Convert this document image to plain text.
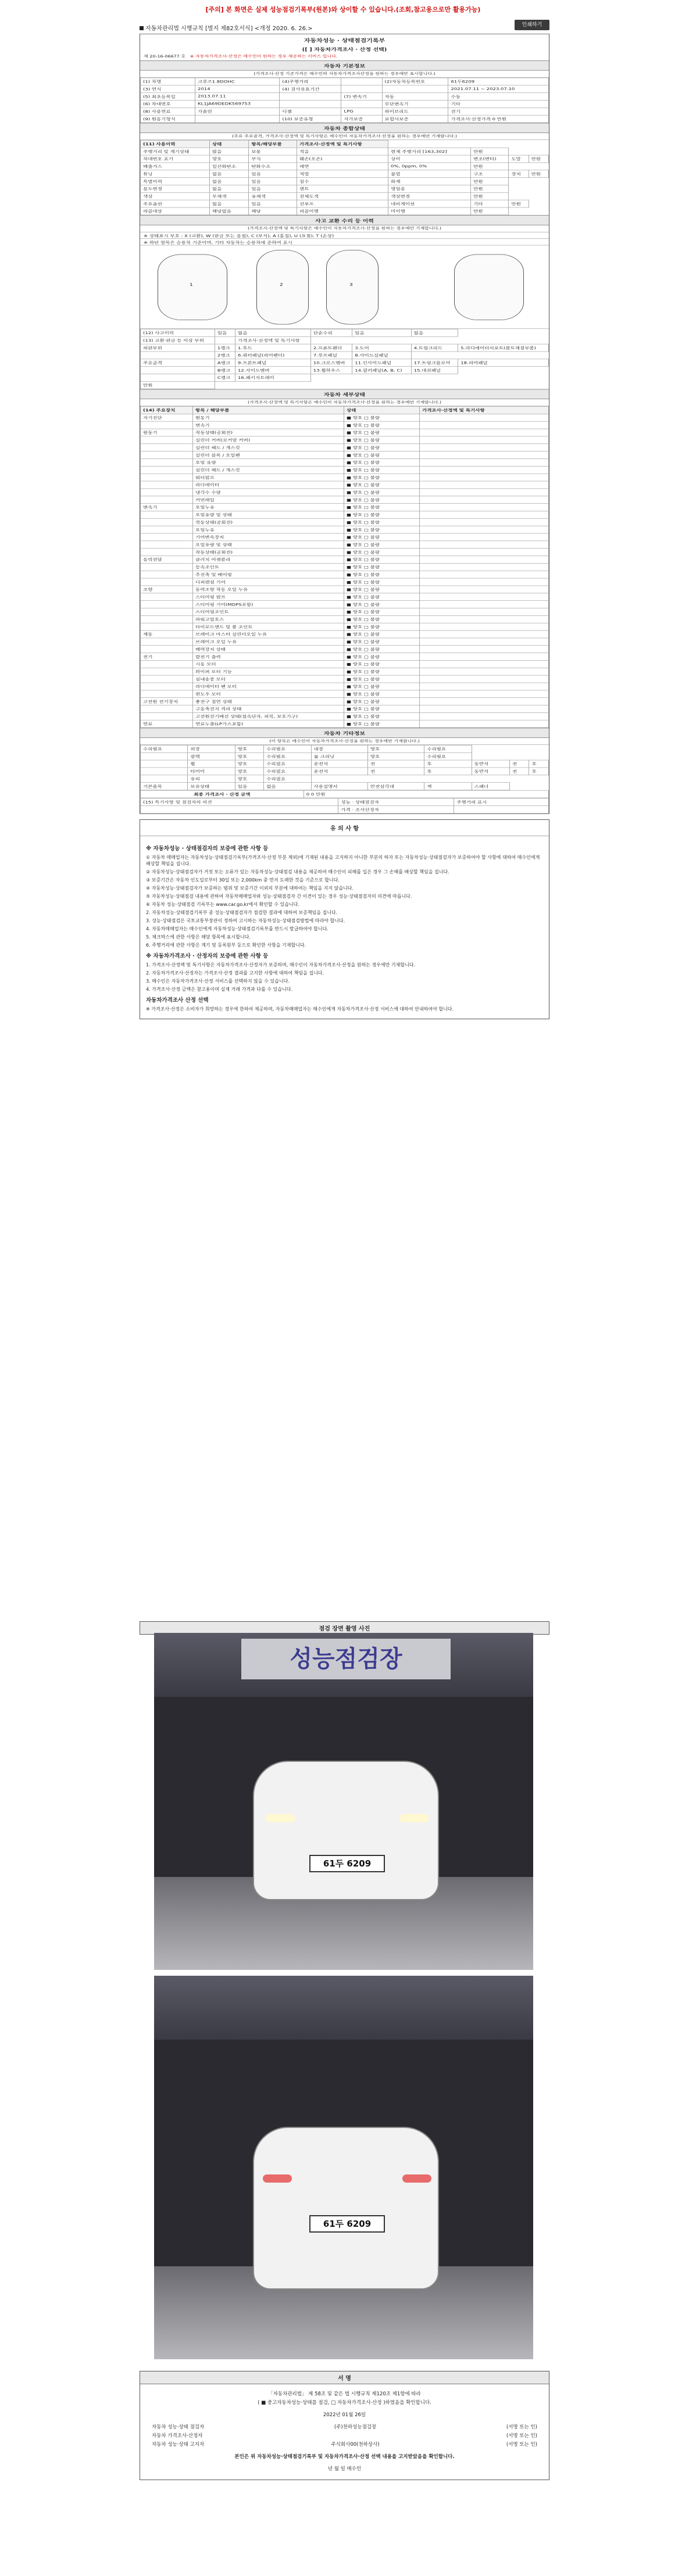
[주의] 본 화면은 실제 성능점검기록부(원본)와 상이할 수 있습니다.(조회,참고용으로만 활용가능)
자동차관리법 시행규칙 [별지 제82호서식] <개정 2020. 6. 26.>
인쇄하기
자동차성능 · 상태점검기록부
([ ] 자동차가격조사 · 산정 선택)
제 20-16-06677 호 ※ 자동차가격조사·산정은 매수인이 원하는 경우 제공하는 서비스 입니다.
자동차 기본정보
(가격조사·산정 기준가격은 매수인의 자동차가격조사산정을 원하는 경우에만 표시합니다.)
(1) 차명	크루즈1.8DOHC	(4)주행거리		(2)자동차등록번호	61두6209
(3) 연식	2014	(4) 검사유효기간			2021.07.11 ~ 2023.07.10
(5) 최초등록일	2013.07.11		(7) 변속기	자동	수동
(6) 차대번호	KL1JA69DEDK569753			무단변속기	기타
(8) 사용연료	가솔린	디젤	LPG	하이브리드	전기
(9) 원동기형식		(10) 보증유형	자가보증	보험사보증	가격조사·산정가격 0 만원
자동차 종합상태
(주요 주요골격, 가격조사·산정액 및 특기사항은 매수인이 자동차가격조사·산정을 원하는 경우에만 기재합니다.)
(11) 사용이력	상태	항목/해당부품	가격조사·산정액 및 특기사항				
주행거리 및 계기상태	많음	보통	적음	현재 주행거리 [163,302]	만원		
차대번호 표기	양호	부식	훼손(오손)	상이	변조(변타)	도말	만원
배출가스	일산화탄소	탄화수소	매연	0%, 0ppm, 0%	만원		
튜닝	없음	있음	적법	불법	구조	장치	만원
특별이력	없음	있음	침수	화재	만원		
용도변경	없음	있음	렌트	영업용	만원		
색상	무채색	유채색	전체도색	색상변경	만원		
주요옵션	없음	있음	선루프	네비게이션	기타	만원	
리콜대상	해당없음	해당	리콜이행	미이행	만원		
사고 교환 수리 등 이력
(가격조사·산정액 및 특기사항은 매수인이 자동차가격조사·산정을 원하는 경우에만 기재합니다.)
※ 상태표시 부호 : X (교환), W (판금 또는 용접), C (부식), A (흠집), U (요철), T (손상)
※ 하단 항목은 승용차 기준이며, 기타 자동차는 승용차에 준하여 표시
1	2	3
(12) 사고이력	있음	없음	단순수리	있음	없음	
(13) 교환·판금 등 이상 부위		가격조사·산정액 및 특기사항				
외판부위	1랭크	1.후드	2.프론트펜더	3.도어	4.트렁크리드	5.라디에이터서포트(볼트체결부품)
	2랭크	6.쿼터패널(리어펜더)	7.루프패널	8.사이드실패널		
주요골격	A랭크	9.프론트패널	10.크로스멤버	11.인사이드패널	17.트렁크플로어	18.리어패널
	B랭크	12.사이드멤버	13.휠하우스	14.필러패널(A, B, C)	15.대쉬패널	
	C랭크	16.패키지트레이				
만원						
자동차 세부상태
(가격조사·산정액 및 특기사항은 매수인이 자동차가격조사·산정을 원하는 경우에만 기재합니다.)
(14) 주요장치	항목 / 해당부품	상태	가격조사·산정액 및 특기사항
자기진단	원동기	■ 양호 □ 불량	
	변속기	■ 양호 □ 불량	
원동기	작동상태(공회전)	■ 양호 □ 불량	
	실린더 커버(로커암 커버)	■ 양호 □ 불량	
	실린더 헤드 / 개스킷	■ 양호 □ 불량	
	실린더 블록 / 오일팬	■ 양호 □ 불량	
	오일 유량	■ 양호 □ 불량	
	실린더 헤드 / 개스킷	■ 양호 □ 불량	
	워터펌프	■ 양호 □ 불량	
	라디에이터	■ 양호 □ 불량	
	냉각수 수량	■ 양호 □ 불량	
	커먼레일	■ 양호 □ 불량	
변속기	오일누유	■ 양호 □ 불량	
	오일유량 및 상태	■ 양호 □ 불량	
	작동상태(공회전)	■ 양호 □ 불량	
	오일누유	■ 양호 □ 불량	
	기어변속장치	■ 양호 □ 불량	
	오일유량 및 상태	■ 양호 □ 불량	
	작동상태(공회전)	■ 양호 □ 불량	
동력전달	클러치 어셈블리	■ 양호 □ 불량	
	등속조인트	■ 양호 □ 불량	
	추진축 및 베어링	■ 양호 □ 불량	
	디퍼렌셜 기어	■ 양호 □ 불량	
조향	동력조향 작동 오일 누유	■ 양호 □ 불량	
	스티어링 펌프	■ 양호 □ 불량	
	스티어링 기어(MDPS포함)	■ 양호 □ 불량	
	스티어링조인트	■ 양호 □ 불량	
	파워고압호스	■ 양호 □ 불량	
	타이로드엔드 및 볼 조인트	■ 양호 □ 불량	
제동	브레이크 마스터 실린더오일 누유	■ 양호 □ 불량	
	브레이크 오일 누유	■ 양호 □ 불량	
	배력장치 상태	■ 양호 □ 불량	
전기	발전기 출력	■ 양호 □ 불량	
	시동 모터	■ 양호 □ 불량	
	와이퍼 모터 기능	■ 양호 □ 불량	
	실내송풍 모터	■ 양호 □ 불량	
	라디에이터 팬 모터	■ 양호 □ 불량	
	윈도우 모터	■ 양호 □ 불량	
고전원 전기장치	충전구 절연 상태	■ 양호 □ 불량	
	구동축전지 격리 상태	■ 양호 □ 불량	
	고전원전기배선 상태(접속단자, 피복, 보호기구)	■ 양호 □ 불량	
연료	연료누출(LP가스포함)	■ 양호 □ 불량	
자동차 기타정보
(이 항목은 매수인이 자동차가격조사·산정을 원하는 경우에만 기재합니다.)
수리필요	외장	양호	수리필요	내장	양호	수리필요			
	광택	양호	수리필요	룸 크리닝	양호	수리필요			
	휠	양호	수리필요	운전석	전	후	동반석	전	후
	타이어	양호	수리필요	운전석	전	후	동반석	전	후
	유리	양호	수리필요						
기본품목	보유상태	있음	없음	사용설명서	안전삼각대	잭	스패너		
최종 가격조사 · 산정 금액	0 0 만원
(15) 특기사항 및 점검자의 의견	성능 · 상태점검자	주행거리 표시
	가격 · 조사산정자	
유 의 사 항
※ 자동차성능 · 상태점검자의 보증에 관한 사항 등

① 자동차 매매업자는 자동차성능·상태점검기록부(가격조사·산정 부분 제외)에 기재된 내용을 고지하지 아니한 부분의 하자 또는 자동차성능·상태점검자가 보증하여야 할 사항에 대하여 매수인에게 배상할 책임을 집니다.

② 자동차성능·상태점검자가 거짓 또는 오류가 있는 자동차성능·상태점검 내용을 제공하여 매수인이 피해를 입은 경우 그 손해를 배상할 책임을 집니다.

③ 보증기간은 자동차 인도일로부터 30일 또는 2,000km 중 먼저 도래한 것을 기준으로 합니다.

④ 자동차성능·상태점검자가 보증하는 범위 및 보증기간 이외의 부분에 대하여는 책임을 지지 않습니다.

⑤ 자동차성능·상태점검 내용에 관하여 자동차매매업자와 성능·상태점검자 간 이견이 있는 경우 성능·상태점검자의 의견에 따릅니다.

⑥ 자동차 성능·상태점검 기록부는 www.car.go.kr에서 확인할 수 있습니다.

2. 자동차성능·상태점검기록부 중 성능·상태점검자가 점검한 결과에 대하여 보증책임을 집니다.

3. 성능·상태점검은 국토교통부장관이 정하여 고시하는 자동차성능·상태점검방법에 따라야 합니다.

4. 자동차매매업자는 매수인에게 자동차성능·상태점검기록부를 반드시 발급하여야 합니다.

5. 체크박스에 관한 사항은 해당 항목에 표시합니다.

6. 주행거리에 관한 사항은 계기 및 등록원부 등으로 확인한 사항을 기재합니다.

※ 자동차가격조사 · 산정자의 보증에 관한 사항 등

1. 가격조사·산정액 및 특기사항은 자동차가격조사·산정자가 보증하며, 매수인이 자동차가격조사·산정을 원하는 경우에만 기재합니다.

2. 자동차가격조사·산정자는 가격조사·산정 결과를 고지한 사항에 대하여 책임을 집니다.

3. 매수인은 자동차가격조사·산정 서비스를 선택하지 않을 수 있습니다.

4. 가격조사·산정 금액은 참고용이며 실제 거래 가격과 다를 수 있습니다.

자동차가격조사 산정 선택

※ 가격조사·산정은 소비자가 희망하는 경우에 한하여 제공하며, 자동차매매업자는 매수인에게 자동차가격조사·산정 서비스에 대하여 안내하여야 합니다.

점검 장면 촬영 사진
성능점검장
61두 6209
61두 6209
서 명
「자동차관리법」 제 58조 및 같은 법 시행규칙 제120조 제1항에 따라
( ■ 중고자동차성능·상태를 점검, □ 자동차가격조사·산정 )하였음을 확인합니다.
2022년 01월 26일
자동차 성능·상태 점검자	(주)천하성능점검장	(서명 또는 인)
자동차 가격조사·산정자	(서명 또는 인)
자동차 성능·상태 고지자	주식회사00(천하상사)	(서명 또는 인)
본인은 위 자동차성능·상태점검기록부 및 자동차가격조사·산정 선택 내용을 고지받았음을 확인합니다.
년 월 일 매수인
